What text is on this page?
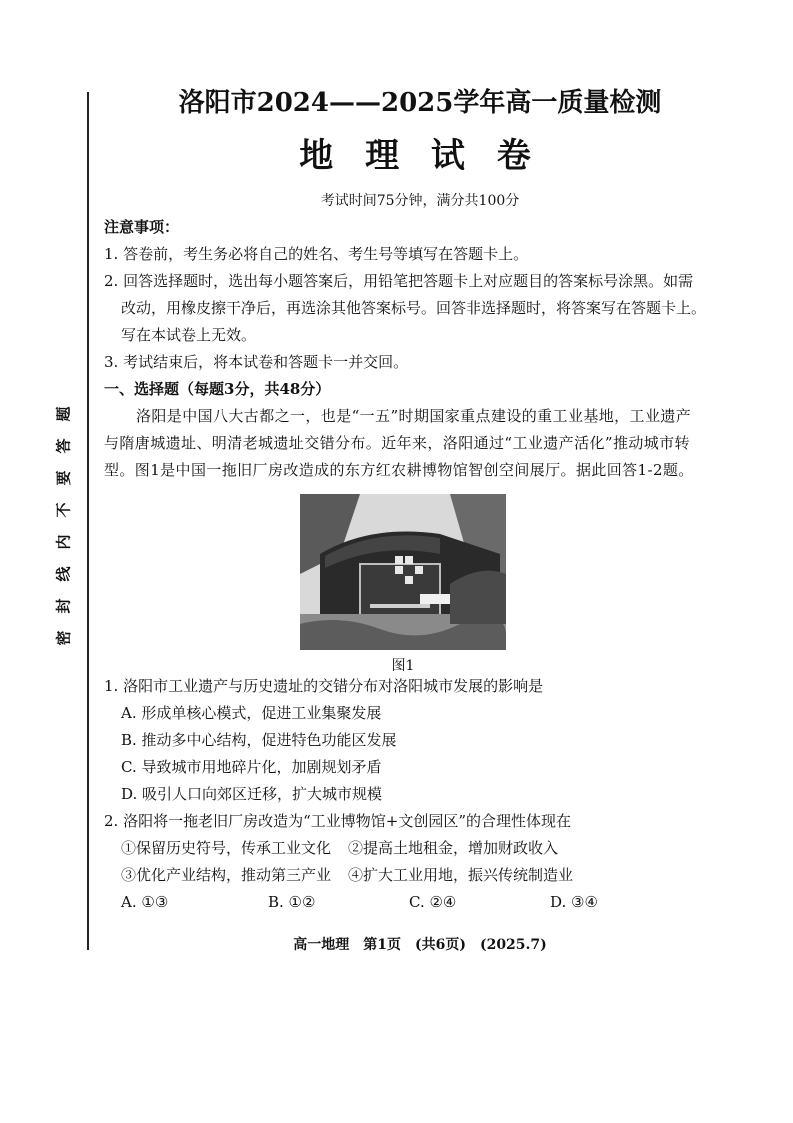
题
答
要
不
内
线
封
密
洛阳市2024——2025学年高一质量检测
地 理 试 卷
考试时间75分钟，满分共100分
注意事项：
1. 答卷前，考生务必将自己的姓名、考生号等填写在答题卡上。
2. 回答选择题时，选出每小题答案后，用铅笔把答题卡上对应题目的答案标号涂黑。如需
改动，用橡皮擦干净后，再选涂其他答案标号。回答非选择题时，将答案写在答题卡上。
写在本试卷上无效。
3. 考试结束后，将本试卷和答题卡一并交回。
一、选择题（每题3分，共48分）
洛阳是中国八大古都之一，也是“一五”时期国家重点建设的重工业基地，工业遗产
与隋唐城遗址、明清老城遗址交错分布。近年来，洛阳通过“工业遗产活化”推动城市转
型。图1是中国一拖旧厂房改造成的东方红农耕博物馆智创空间展厅。据此回答1-2题。
图1
1. 洛阳市工业遗产与历史遗址的交错分布对洛阳城市发展的影响是
A. 形成单核心模式，促进工业集聚发展
B. 推动多中心结构，促进特色功能区发展
C. 导致城市用地碎片化，加剧规划矛盾
D. 吸引人口向郊区迁移，扩大城市规模
2. 洛阳将一拖老旧厂房改造为“工业博物馆+文创园区”的合理性体现在
①保留历史符号，传承工业文化 ②提高土地租金，增加财政收入
③优化产业结构，推动第三产业 ④扩大工业用地，振兴传统制造业
A. ①③	B. ①②	C. ②④	D. ③④
高一地理　第1页　(共6页)　(2025.7)
